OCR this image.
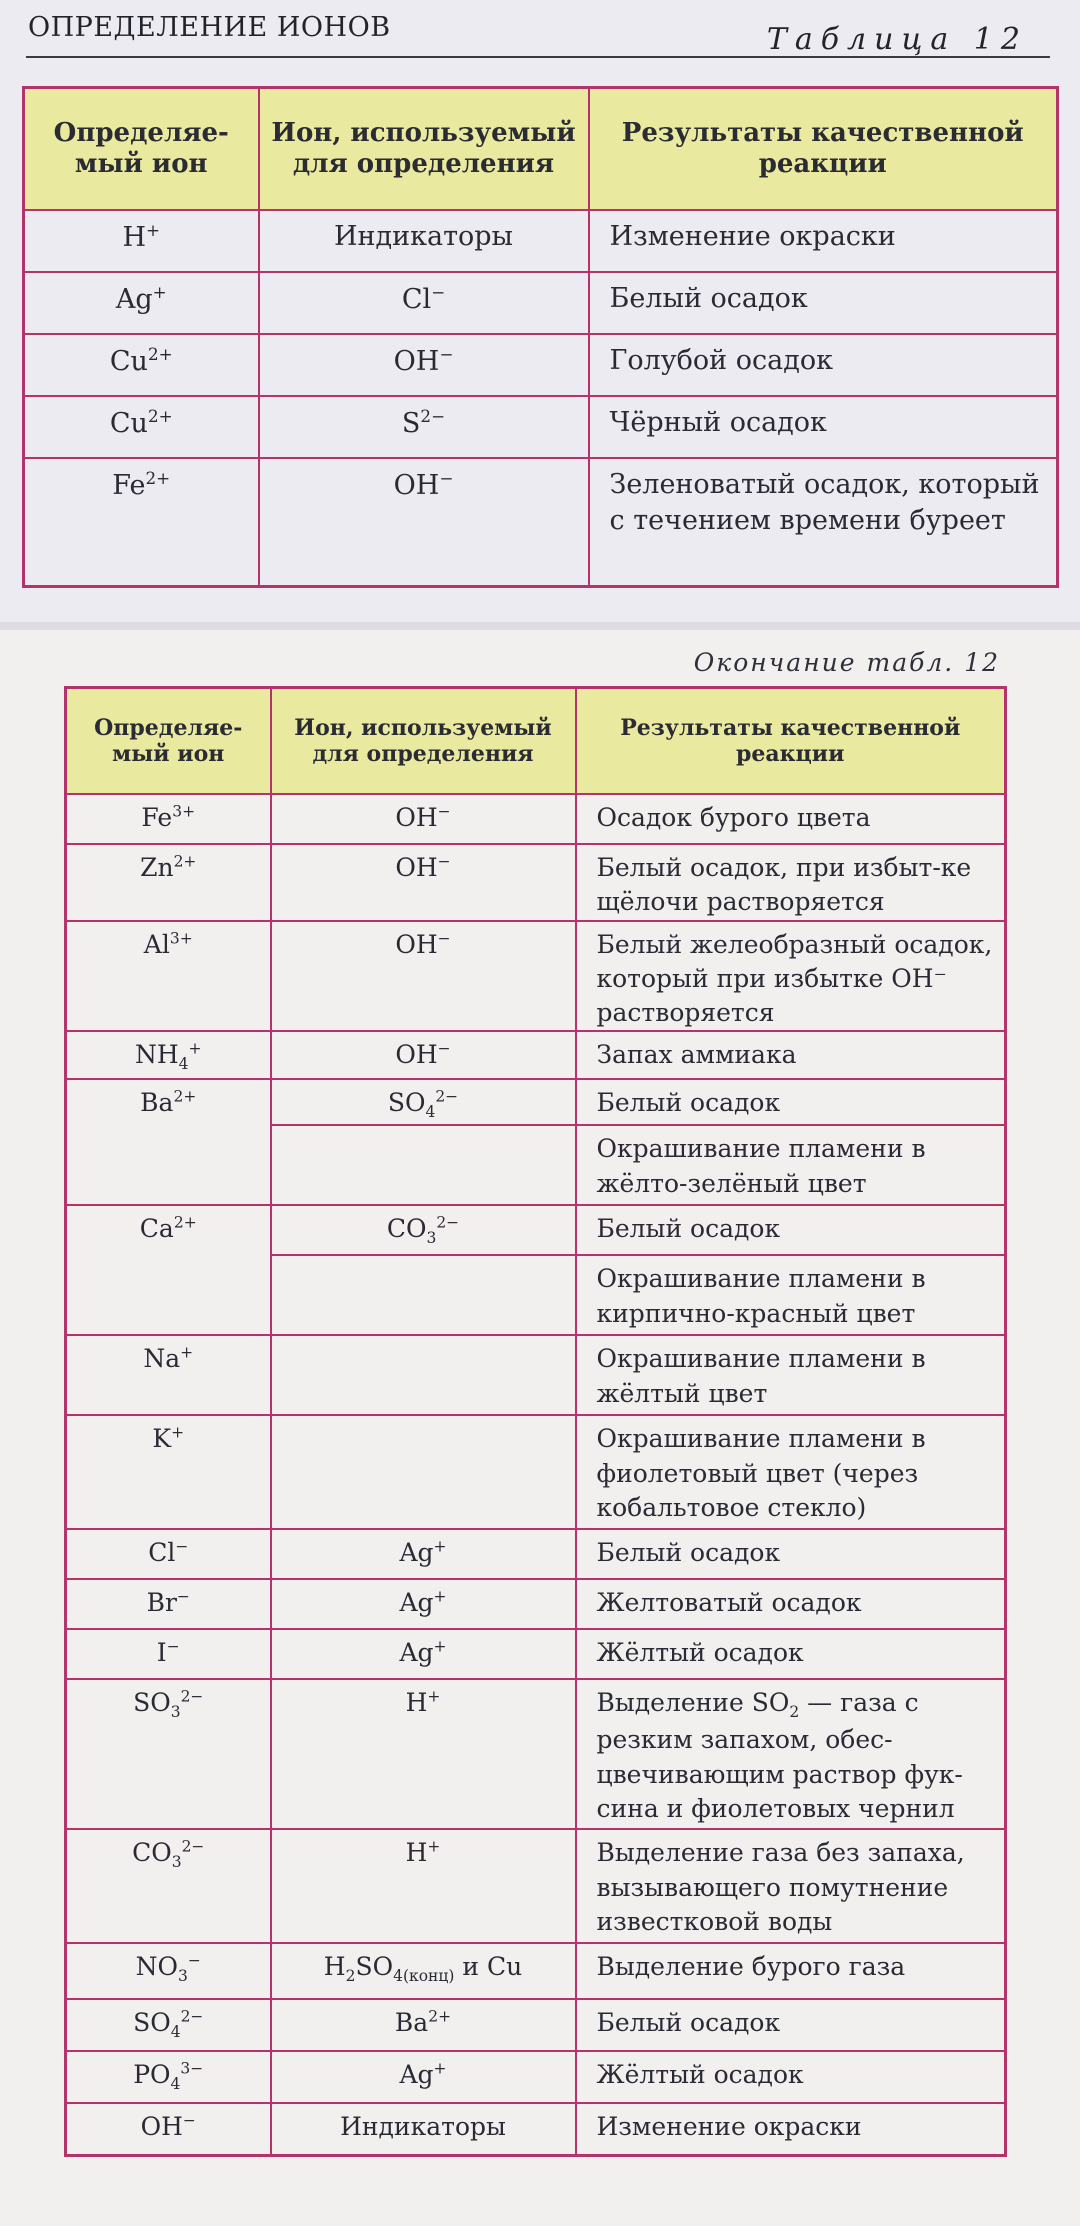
ОПРЕДЕЛЕНИЕ ИОНОВ	Таблица 12
Определяе-мый ион	Ион, используемый для определения	Результаты качественной реакции
H+	Индикаторы	Изменение окраски
Ag+	Cl−	Белый осадок
$Cu^{2+}$	OH−	Голубой осадок
$Cu^{2+}$	$S^{2-}$	Чёрный осадок
$Fe^{2+}$	OH−	Зеленоватый осадок, который с течением времени буреет
Окончание табл. 12
Определяе-мый ион	Ион, используемый для определения	Результаты качественной реакции
$Fe^{3+}$	OH−	Осадок бурого цвета
$Zn^{2+}$	OH−	Белый осадок, при избыт-ке щёлочи растворяется
$Al^{3+}$	OH−	Белый желеобразный осадок, который при избытке OH⁻ растворяется
$NH_4^+$	OH−	Запах аммиака
$Ba^{2+}$	$SO_4^{2-}$	Белый осадок
		Окрашивание пламени в жёлто-зелёный цвет
$Ca^{2+}$	$CO_3^{2-}$	Белый осадок
		Окрашивание пламени в кирпично-красный цвет
Na+		Окрашивание пламени в жёлтый цвет
K+		Окрашивание пламени в фиолетовый цвет (через кобальтовое стекло)
Cl−	Ag+	Белый осадок
Br−	Ag+	Желтоватый осадок
I−	Ag+	Жёлтый осадок
$SO_3^{2-}$	H+	Выделение $SO_2$ — газа с резким запахом, обес-цвечивающим раствор фук-сина и фиолетовых чернил
$CO_3^{2-}$	H+	Выделение газа без запаха, вызывающего помутнение известковой воды
$NO_3^-$	$H_2SO_{4(конц)}$ и Cu	Выделение бурого газа
$SO_4^{2-}$	$Ba^{2+}$	Белый осадок
$PO_4^{3-}$	Ag+	Жёлтый осадок
OH−	Индикаторы	Изменение окраски
